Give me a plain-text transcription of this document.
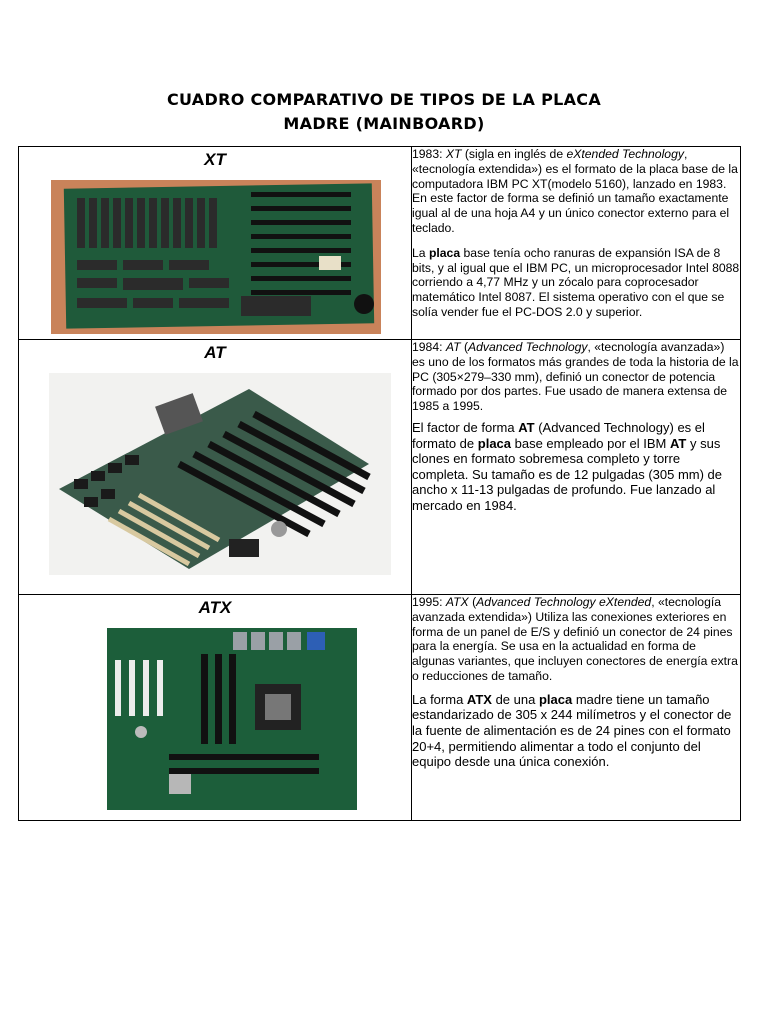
CUADRO COMPARATIVO DE TIPOS DE LA PLACA
MADRE (MAINBOARD)
XT	1983: XT (sigla en inglés de eXtended Technology, «tecnología extendida») es el formato de la placa base de la computadora IBM PC XT(modelo 5160), lanzado en 1983. En este factor de forma se definió un tamaño exactamente igual al de una hoja A4 y un único conector externo para el teclado.

La placa base tenía ocho ranuras de expansión ISA de 8 bits, y al igual que el IBM PC, un microprocesador Intel 8088 corriendo a 4,77 MHz y un zócalo para coprocesador matemático Intel 8087. El sistema operativo con el que se solía vender fue el PC-DOS 2.0 y superior.

AT	1984: AT (Advanced Technology, «tecnología avanzada») es uno de los formatos más grandes de toda la historia de la PC (305×279–330 mm), definió un conector de potencia formado por dos partes. Fue usado de manera extensa de 1985 a 1995.

El factor de forma AT (Advanced Technology) es el formato de placa base empleado por el IBM AT y sus clones en formato sobremesa completo y torre completa. Su tamaño es de 12 pulgadas (305 mm) de ancho x 11-13 pulgadas de profundo. Fue lanzado al mercado en 1984.

ATX	1995: ATX (Advanced Technology eXtended, «tecnología avanzada extendida») Utiliza las conexiones exteriores en forma de un panel de E/S y definió un conector de 24 pines para la energía. Se usa en la actualidad en forma de algunas variantes, que incluyen conectores de energía extra o reducciones de tamaño.

La forma ATX de una placa madre tiene un tamaño estandarizado de 305 x 244 milímetros y el conector de la fuente de alimentación es de 24 pines con el formato 20+4, permitiendo alimentar a todo el conjunto del equipo desde una única conexión.
